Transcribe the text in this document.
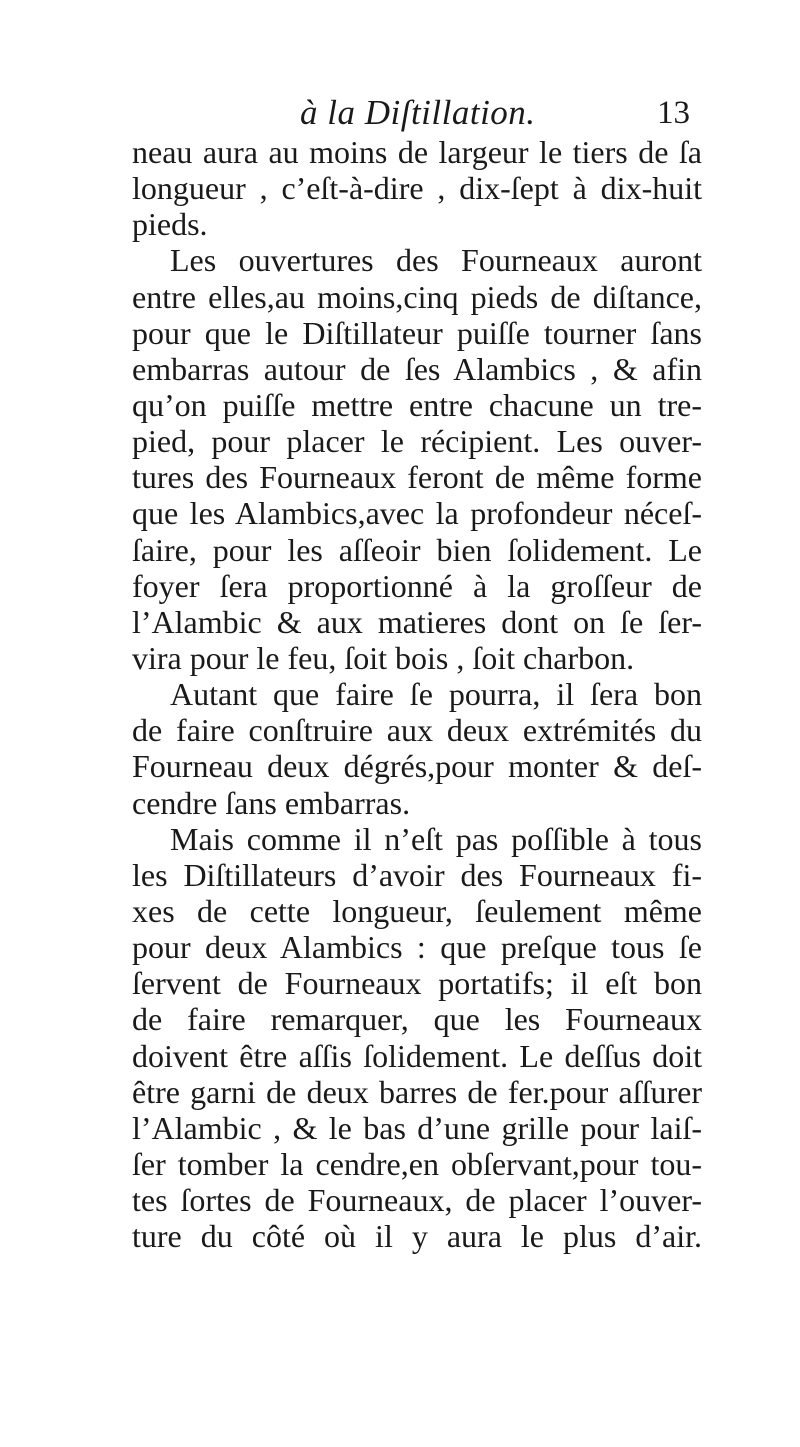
à la Diſtillation.	13
neau aura au moins de largeur le tiers de ſa
longueur , c’eſt-à-dire , dix-ſept à dix-huit
pieds.
Les ouvertures des Fourneaux auront
entre elles,au moins,cinq pieds de diſtance,
pour que le Diſtillateur puiſſe tourner ſans
embarras autour de ſes Alambics , & afin
qu’on puiſſe mettre entre chacune un tre-
pied, pour placer le récipient. Les ouver-
tures des Fourneaux feront de même forme
que les Alambics,avec la profondeur néceſ-
ſaire, pour les aſſeoir bien ſolidement. Le
foyer ſera proportionné à la groſſeur de
l’Alambic & aux matieres dont on ſe ſer-
vira pour le feu, ſoit bois , ſoit charbon.
Autant que faire ſe pourra, il ſera bon
de faire conſtruire aux deux extrémités du
Fourneau deux dégrés,pour monter & deſ-
cendre ſans embarras.
Mais comme il n’eſt pas poſſible à tous
les Diſtillateurs d’avoir des Fourneaux fi-
xes de cette longueur, ſeulement même
pour deux Alambics : que preſque tous ſe
ſervent de Fourneaux portatifs; il eſt bon
de faire remarquer, que les Fourneaux
doivent être aſſis ſolidement. Le deſſus doit
être garni de deux barres de fer.pour aſſurer
l’Alambic , & le bas d’une grille pour laiſ-
ſer tomber la cendre,en obſervant,pour tou-
tes ſortes de Fourneaux, de placer l’ouver-
ture du côté où il y aura le plus d’air.
